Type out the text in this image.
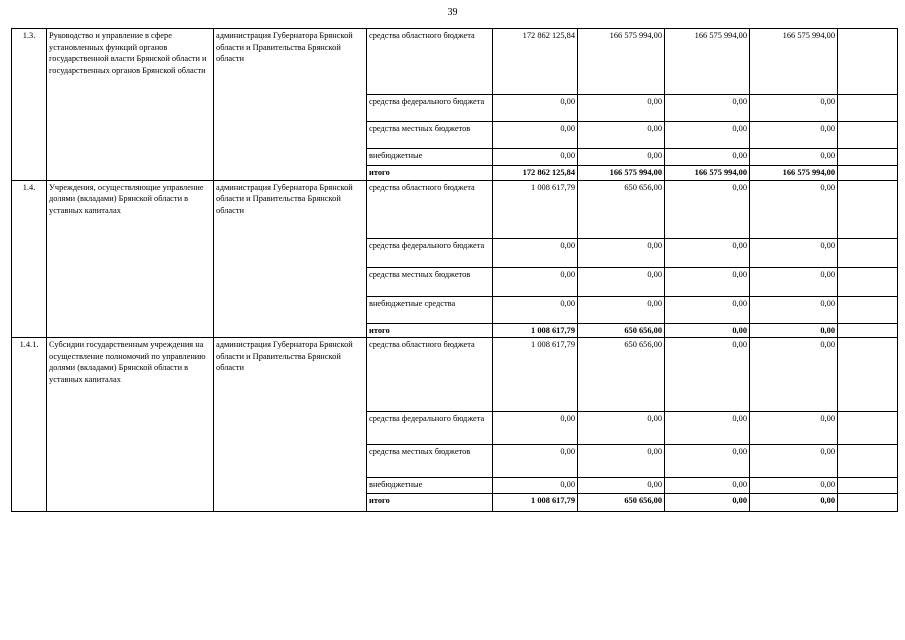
39
1.3.	Руководство и управление в сфере установленных функций органов государственной власти Брянской области и государственных органов Брянской области	администрация Губернатора Брянской области и Правительства Брянской области	средства областного бюджета	172 862 125,84	166 575 994,00	166 575 994,00	166 575 994,00	
			средства федерального бюджета	0,00	0,00	0,00	0,00	
			средства местных бюджетов	0,00	0,00	0,00	0,00	
			внебюджетные	0,00	0,00	0,00	0,00	
			итого	172 862 125,84	166 575 994,00	166 575 994,00	166 575 994,00	
1.4.	Учреждения, осуществляющие управление долями (вкладами) Брянской области в уставных капиталах	администрация Губернатора Брянской области и Правительства Брянской области	средства областного бюджета	1 008 617,79	650 656,00	0,00	0,00	
			средства федерального бюджета	0,00	0,00	0,00	0,00	
			средства местных бюджетов	0,00	0,00	0,00	0,00	
			внебюджетные средства	0,00	0,00	0,00	0,00	
			итого	1 008 617,79	650 656,00	0,00	0,00	
1.4.1.	Субсидии государственным учреждения на осуществление полномочий по управлению долями (вкладами) Брянской области в уставных капиталах	администрация Губернатора Брянской области и Правительства Брянской области	средства областного бюджета	1 008 617,79	650 656,00	0,00	0,00	
			средства федерального бюджета	0,00	0,00	0,00	0,00	
			средства местных бюджетов	0,00	0,00	0,00	0,00	
			внебюджетные	0,00	0,00	0,00	0,00	
			итого	1 008 617,79	650 656,00	0,00	0,00	
